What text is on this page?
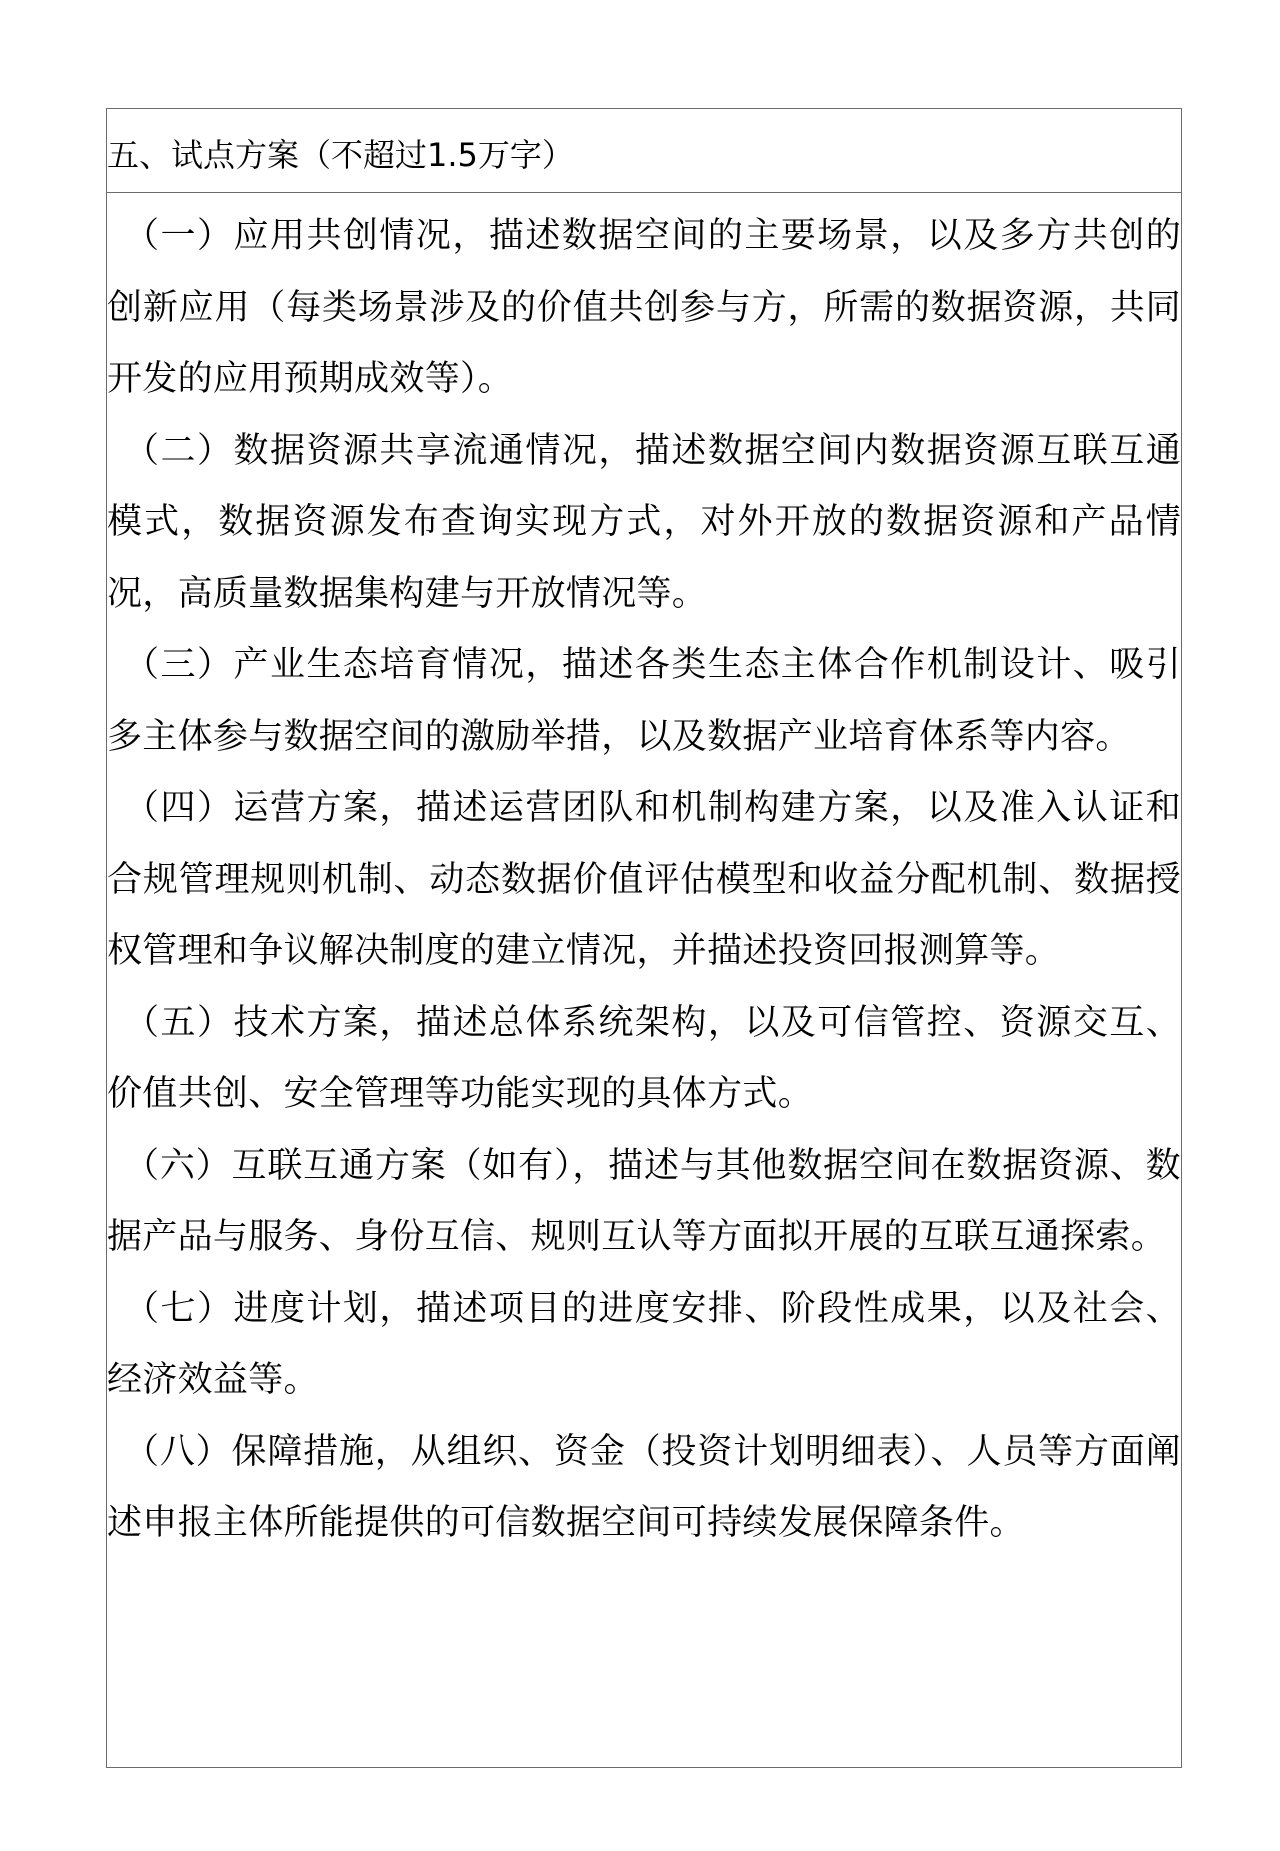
五、试点方案（不超过1.5万字）

（一）应用共创情况，描述数据空间的主要场景，以及多方共创的创新应用（每类场景涉及的价值共创参与方，所需的数据资源，共同开发的应用预期成效等）。

（二）数据资源共享流通情况，描述数据空间内数据资源互联互通模式，数据资源发布查询实现方式，对外开放的数据资源和产品情况，高质量数据集构建与开放情况等。

（三）产业生态培育情况，描述各类生态主体合作机制设计、吸引多主体参与数据空间的激励举措，以及数据产业培育体系等内容。

（四）运营方案，描述运营团队和机制构建方案，以及准入认证和合规管理规则机制、动态数据价值评估模型和收益分配机制、数据授权管理和争议解决制度的建立情况，并描述投资回报测算等。

（五）技术方案，描述总体系统架构，以及可信管控、资源交互、价值共创、安全管理等功能实现的具体方式。

（六）互联互通方案（如有），描述与其他数据空间在数据资源、数据产品与服务、身份互信、规则互认等方面拟开展的互联互通探索。

（七）进度计划，描述项目的进度安排、阶段性成果，以及社会、经济效益等。

（八）保障措施，从组织、资金（投资计划明细表）、人员等方面阐述申报主体所能提供的可信数据空间可持续发展保障条件。
